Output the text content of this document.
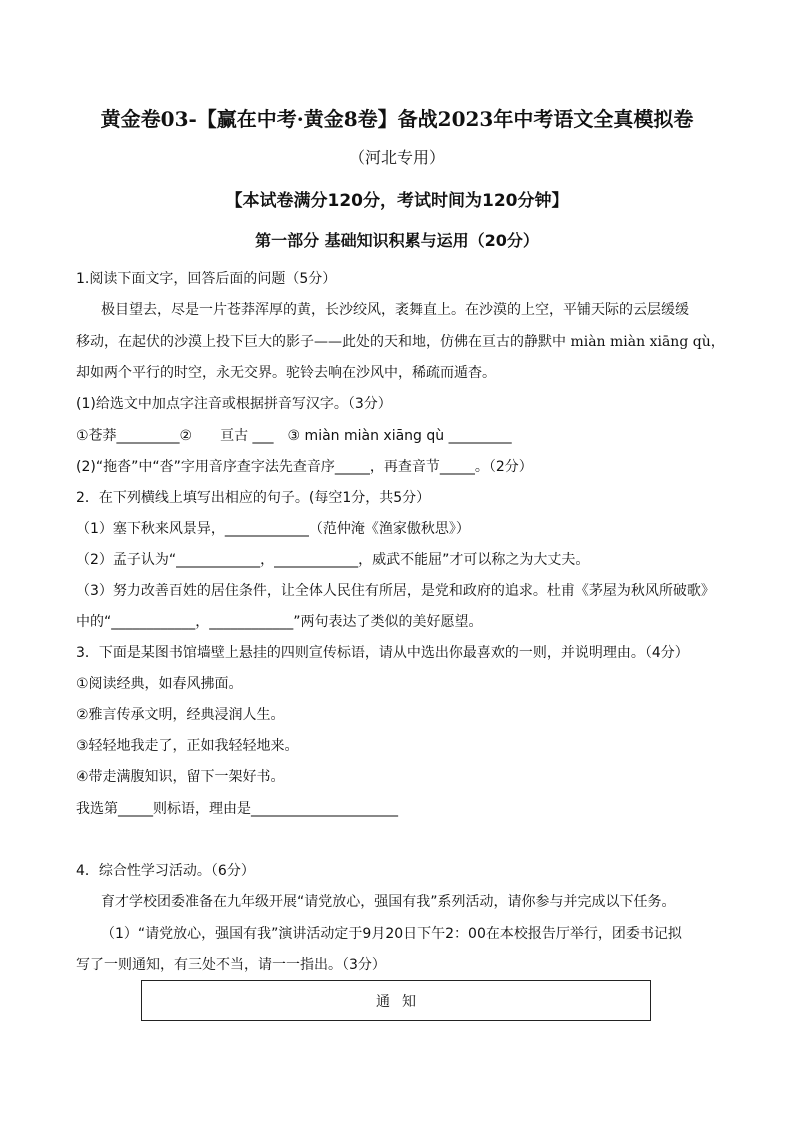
黄金卷03-【赢在中考·黄金8卷】备战2023年中考语文全真模拟卷
（河北专用）
【本试卷满分120分，考试时间为120分钟】
第一部分 基础知识积累与运用（20分）
1.阅读下面文字，回答后面的问题（5分）
极目望去，尽是一片苍莽浑厚的黄，长沙绞风，袤舞直上。在沙漠的上空，平铺天际的云层缓缓
移动，在起伏的沙漠上投下巨大的影子——此处的天和地，仿佛在亘古的静默中 miàn miàn xiāng qù，
却如两个平行的时空，永无交界。驼铃去响在沙风中，稀疏而遁杳。
(1)给选文中加点字注音或根据拼音写汉字。（3分）
①苍莽_________②　　亘古 ___　③ miàn miàn xiāng qù _________
(2)“拖沓”中“沓”字用音序查字法先查音序_____，再查音节_____。（2分）
2．在下列横线上填写出相应的句子。(每空1分，共5分）
（1）塞下秋来风景异，____________（范仲淹《渔家傲秋思》）
（2）孟子认为“____________，____________，威武不能屈”才可以称之为大丈夫。
（3）努力改善百姓的居住条件，让全体人民住有所居，是党和政府的追求。杜甫《茅屋为秋风所破歌》
中的“____________，____________”两句表达了类似的美好愿望。
3．下面是某图书馆墙壁上悬挂的四则宣传标语，请从中选出你最喜欢的一则，并说明理由。（4分）
①阅读经典，如春风拂面。
②雅言传承文明，经典浸润人生。
③轻轻地我走了，正如我轻轻地来。
④带走满腹知识，留下一架好书。
我选第_____则标语，理由是_____________________
4．综合性学习活动。（6分）
育才学校团委准备在九年级开展“请党放心，强国有我”系列活动，请你参与并完成以下任务。
（1）“请党放心，强国有我”演讲活动定于9月20日下午2：00在本校报告厅举行，团委书记拟
写了一则通知，有三处不当，请一一指出。（3分）
通知
